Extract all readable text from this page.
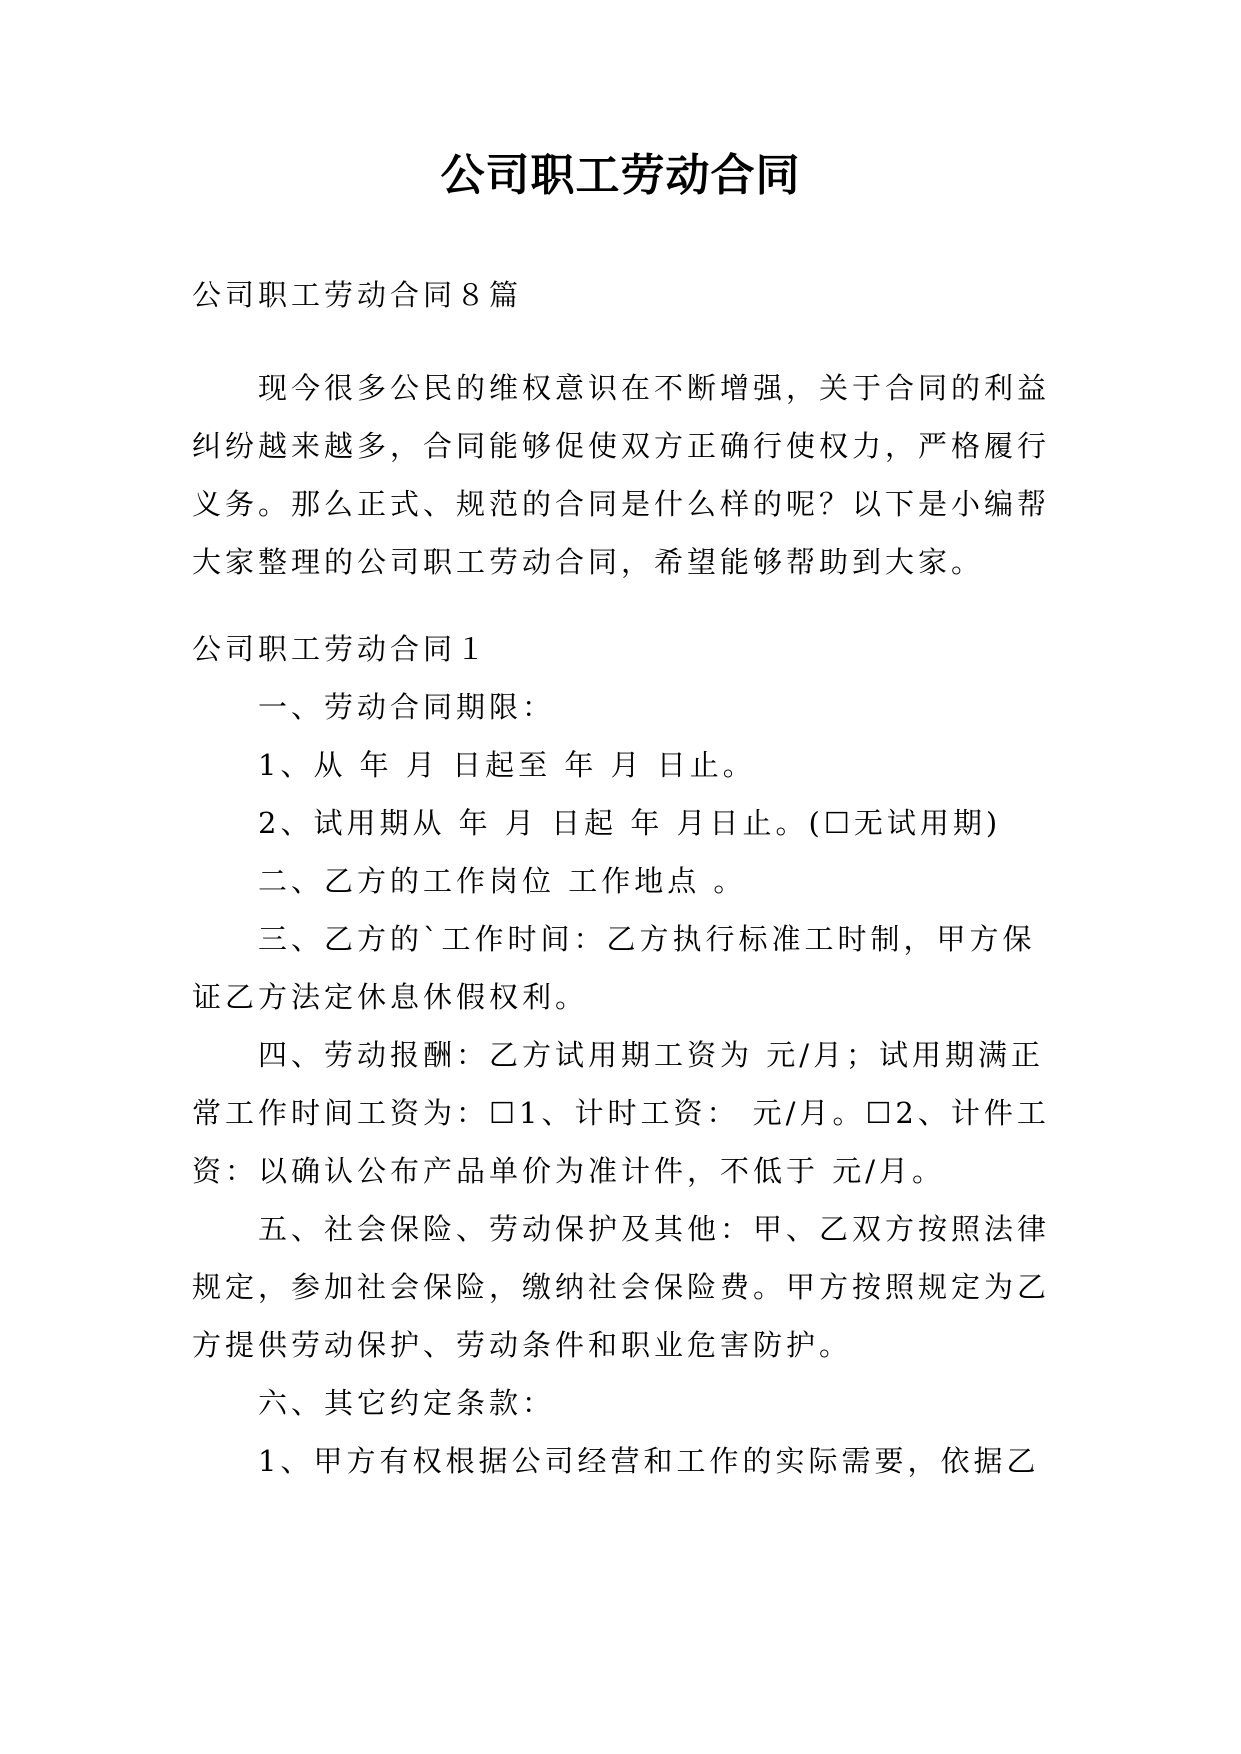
公司职工劳动合同

公司职工劳动合同８篇

现今很多公民的维权意识在不断增强，关于合同的利益纠纷越来越多，合同能够促使双方正确行使权力，严格履行义务。那么正式、规范的合同是什么样的呢？以下是小编帮大家整理的公司职工劳动合同，希望能够帮助到大家。

公司职工劳动合同１

一、劳动合同期限：

1、从 年 月 日起至 年 月 日止。

2、试用期从 年 月 日起 年 月日止。(☐无试用期)

二、乙方的工作岗位 工作地点 。

三、乙方的`工作时间：乙方执行标准工时制，甲方保证乙方法定休息休假权利。

四、劳动报酬：乙方试用期工资为 元/月；试用期满正常工作时间工资为：☐1、计时工资： 元/月。☐2、计件工资：以确认公布产品单价为准计件，不低于 元/月。

五、社会保险、劳动保护及其他：甲、乙双方按照法律规定，参加社会保险，缴纳社会保险费。甲方按照规定为乙方提供劳动保护、劳动条件和职业危害防护。

六、其它约定条款：

1、甲方有权根据公司经营和工作的实际需要，依据乙
